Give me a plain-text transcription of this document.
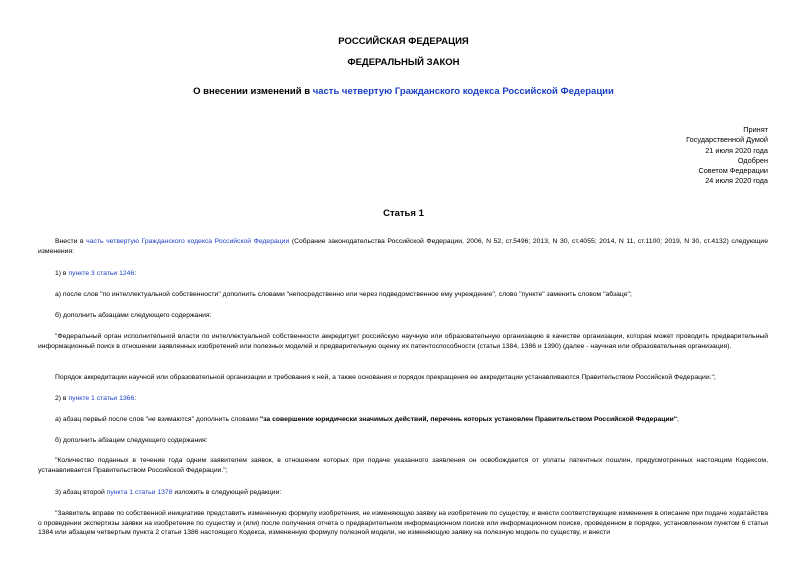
РОССИЙСКАЯ ФЕДЕРАЦИЯ
ФЕДЕРАЛЬНЫЙ ЗАКОН
О внесении изменений в часть четвертую Гражданского кодекса Российской Федерации
Принят
Государственной Думой
21 июля 2020 года
Одобрен
Советом Федерации
24 июля 2020 года
Статья 1

Внести в часть четвертую Гражданского кодекса Российской Федерации (Собрание законодательства Российской Федерации, 2006, N 52, ст.5496; 2013, N 30, ст.4055; 2014, N 11, ст.1100; 2019, N 30, ст.4132) следующие изменения:

1) в пункте 3 статьи 1246:

а) после слов "по интеллектуальной собственности" дополнить словами "непосредственно или через подведомственное ему учреждение", слово "пункте" заменить словом "абзаце";

б) дополнить абзацами следующего содержания:

"Федеральный орган исполнительной власти по интеллектуальной собственности аккредитует российскую научную или образовательную организацию в качестве организации, которая может проводить предварительный информационный поиск в отношении заявленных изобретений или полезных моделей и предварительную оценку их патентоспособности (статьи 1384, 1386 и 1390) (далее - научная или образовательная организация).

Порядок аккредитации научной или образовательной организации и требования к ней, а также основания и порядок прекращения ее аккредитации устанавливаются Правительством Российской Федерации.";

2) в пункте 1 статьи 1366:

а) абзац первый после слов "не взимаются" дополнить словами "за совершение юридически значимых действий, перечень которых установлен Правительством Российской Федерации";

б) дополнить абзацем следующего содержания:

"Количество поданных в течение года одним заявителем заявок, в отношении которых при подаче указанного заявления он освобождается от уплаты патентных пошлин, предусмотренных настоящим Кодексом, устанавливается Правительством Российской Федерации.";

3) абзац второй пункта 1 статьи 1378 изложить в следующей редакции:

"Заявитель вправе по собственной инициативе представить измененную формулу изобретения, не изменяющую заявку на изобретение по существу, и внести соответствующие изменения в описание при подаче ходатайства о проведении экспертизы заявки на изобретение по существу и (или) после получения отчета о предварительном информационном поиске или информационном поиске, проведенном в порядке, установленном пунктом 6 статьи 1384 или абзацем четвертым пункта 2 статьи 1386 настоящего Кодекса, измененную формулу полезной модели, не изменяющую заявку на полезную модель по существу, и внести
